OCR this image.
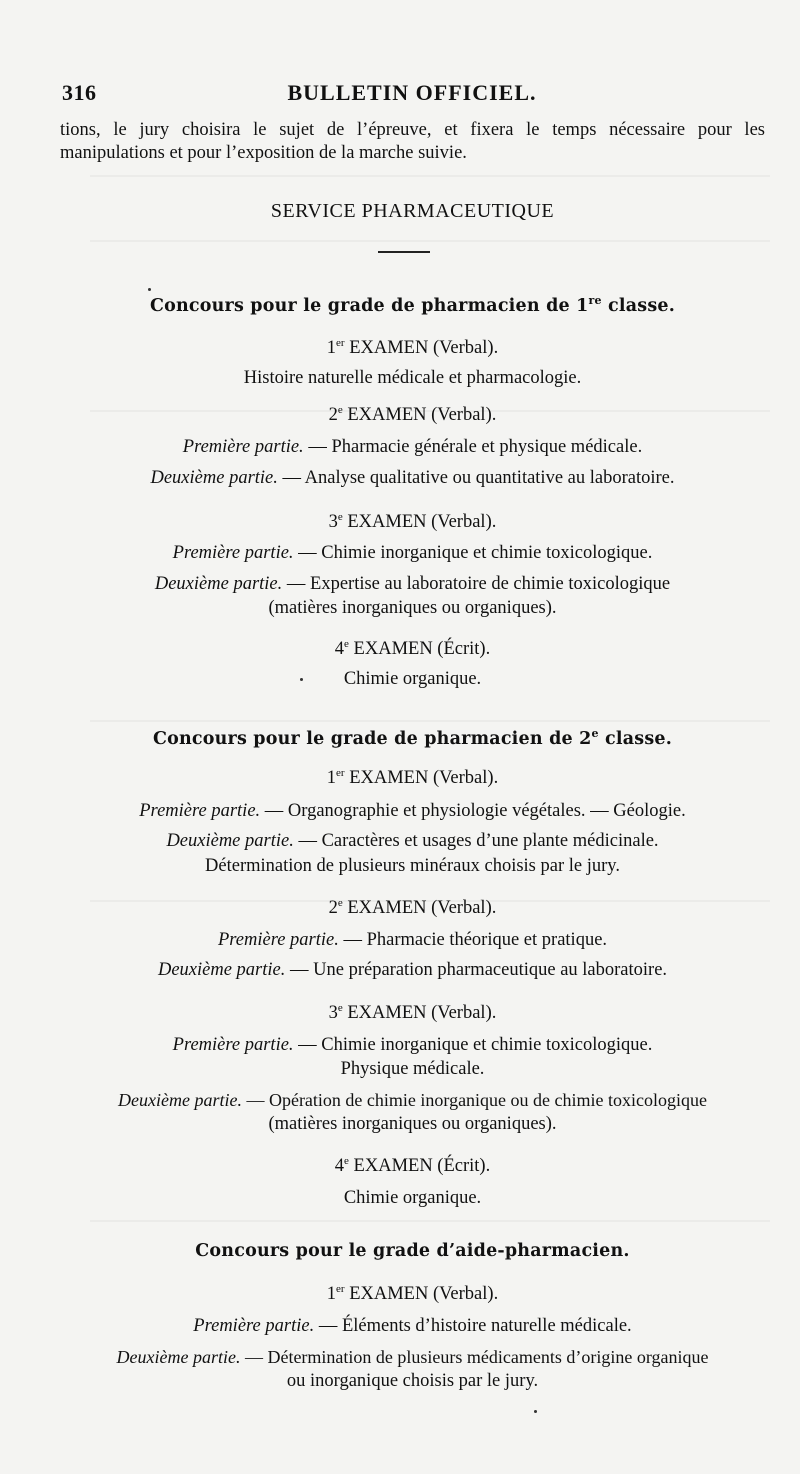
316	BULLETIN OFFICIEL.
tions, le jury choisira le sujet de l’épreuve, et fixera le temps nécessaire pour les
manipulations et pour l’exposition de la marche suivie.
SERVICE PHARMACEUTIQUE
Concours pour le grade de pharmacien de 1re classe.
1er EXAMEN (Verbal).
Histoire naturelle médicale et pharmacologie.
2e EXAMEN (Verbal).
Première partie. — Pharmacie générale et physique médicale.
Deuxième partie. — Analyse qualitative ou quantitative au laboratoire.
3e EXAMEN (Verbal).
Première partie. — Chimie inorganique et chimie toxicologique.
Deuxième partie. — Expertise au laboratoire de chimie toxicologique
(matières inorganiques ou organiques).
4e EXAMEN (Écrit).
Chimie organique.
Concours pour le grade de pharmacien de 2e classe.
1er EXAMEN (Verbal).
Première partie. — Organographie et physiologie végétales. — Géologie.
Deuxième partie. — Caractères et usages d’une plante médicinale.
Détermination de plusieurs minéraux choisis par le jury.
2e EXAMEN (Verbal).
Première partie. — Pharmacie théorique et pratique.
Deuxième partie. — Une préparation pharmaceutique au laboratoire.
3e EXAMEN (Verbal).
Première partie. — Chimie inorganique et chimie toxicologique.
Physique médicale.
Deuxième partie. — Opération de chimie inorganique ou de chimie toxicologique
(matières inorganiques ou organiques).
4e EXAMEN (Écrit).
Chimie organique.
Concours pour le grade d’aide-pharmacien.
1er EXAMEN (Verbal).
Première partie. — Éléments d’histoire naturelle médicale.
Deuxième partie. — Détermination de plusieurs médicaments d’origine organique
ou inorganique choisis par le jury.
